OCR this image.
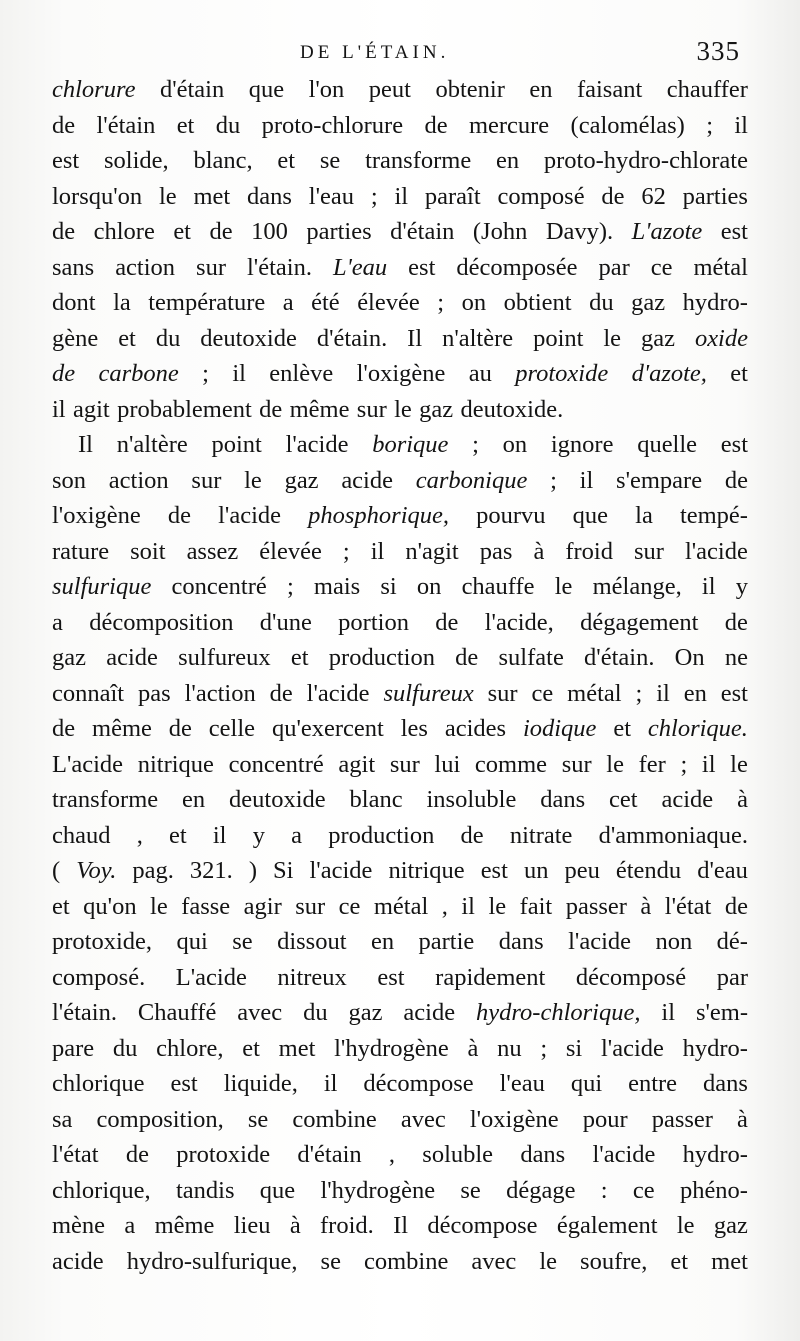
DE L'ÉTAIN.	335
chlorure d'étain que l'on peut obtenir en faisant chauffer
de l'étain et du proto-chlorure de mercure (calomélas) ; il
est solide, blanc, et se transforme en proto-hydro-chlorate
lorsqu'on le met dans l'eau ; il paraît composé de 62 parties
de chlore et de 100 parties d'étain (John Davy). L'azote est
sans action sur l'étain. L'eau est décomposée par ce métal
dont la température a été élevée ; on obtient du gaz hydro-
gène et du deutoxide d'étain. Il n'altère point le gaz oxide
de carbone ; il enlève l'oxigène au protoxide d'azote, et
il agit probablement de même sur le gaz deutoxide.
Il n'altère point l'acide borique ; on ignore quelle est
son action sur le gaz acide carbonique ; il s'empare de
l'oxigène de l'acide phosphorique, pourvu que la tempé-
rature soit assez élevée ; il n'agit pas à froid sur l'acide
sulfurique concentré ; mais si on chauffe le mélange, il y
a décomposition d'une portion de l'acide, dégagement de
gaz acide sulfureux et production de sulfate d'étain. On ne
connaît pas l'action de l'acide sulfureux sur ce métal ; il en est
de même de celle qu'exercent les acides iodique et chlorique.
L'acide nitrique concentré agit sur lui comme sur le fer ; il le
transforme en deutoxide blanc insoluble dans cet acide à
chaud , et il y a production de nitrate d'ammoniaque.
( Voy. pag. 321. ) Si l'acide nitrique est un peu étendu d'eau
et qu'on le fasse agir sur ce métal , il le fait passer à l'état de
protoxide, qui se dissout en partie dans l'acide non dé-
composé. L'acide nitreux est rapidement décomposé par
l'étain. Chauffé avec du gaz acide hydro-chlorique, il s'em-
pare du chlore, et met l'hydrogène à nu ; si l'acide hydro-
chlorique est liquide, il décompose l'eau qui entre dans
sa composition, se combine avec l'oxigène pour passer à
l'état de protoxide d'étain , soluble dans l'acide hydro-
chlorique, tandis que l'hydrogène se dégage : ce phéno-
mène a même lieu à froid. Il décompose également le gaz
acide hydro-sulfurique, se combine avec le soufre, et met
